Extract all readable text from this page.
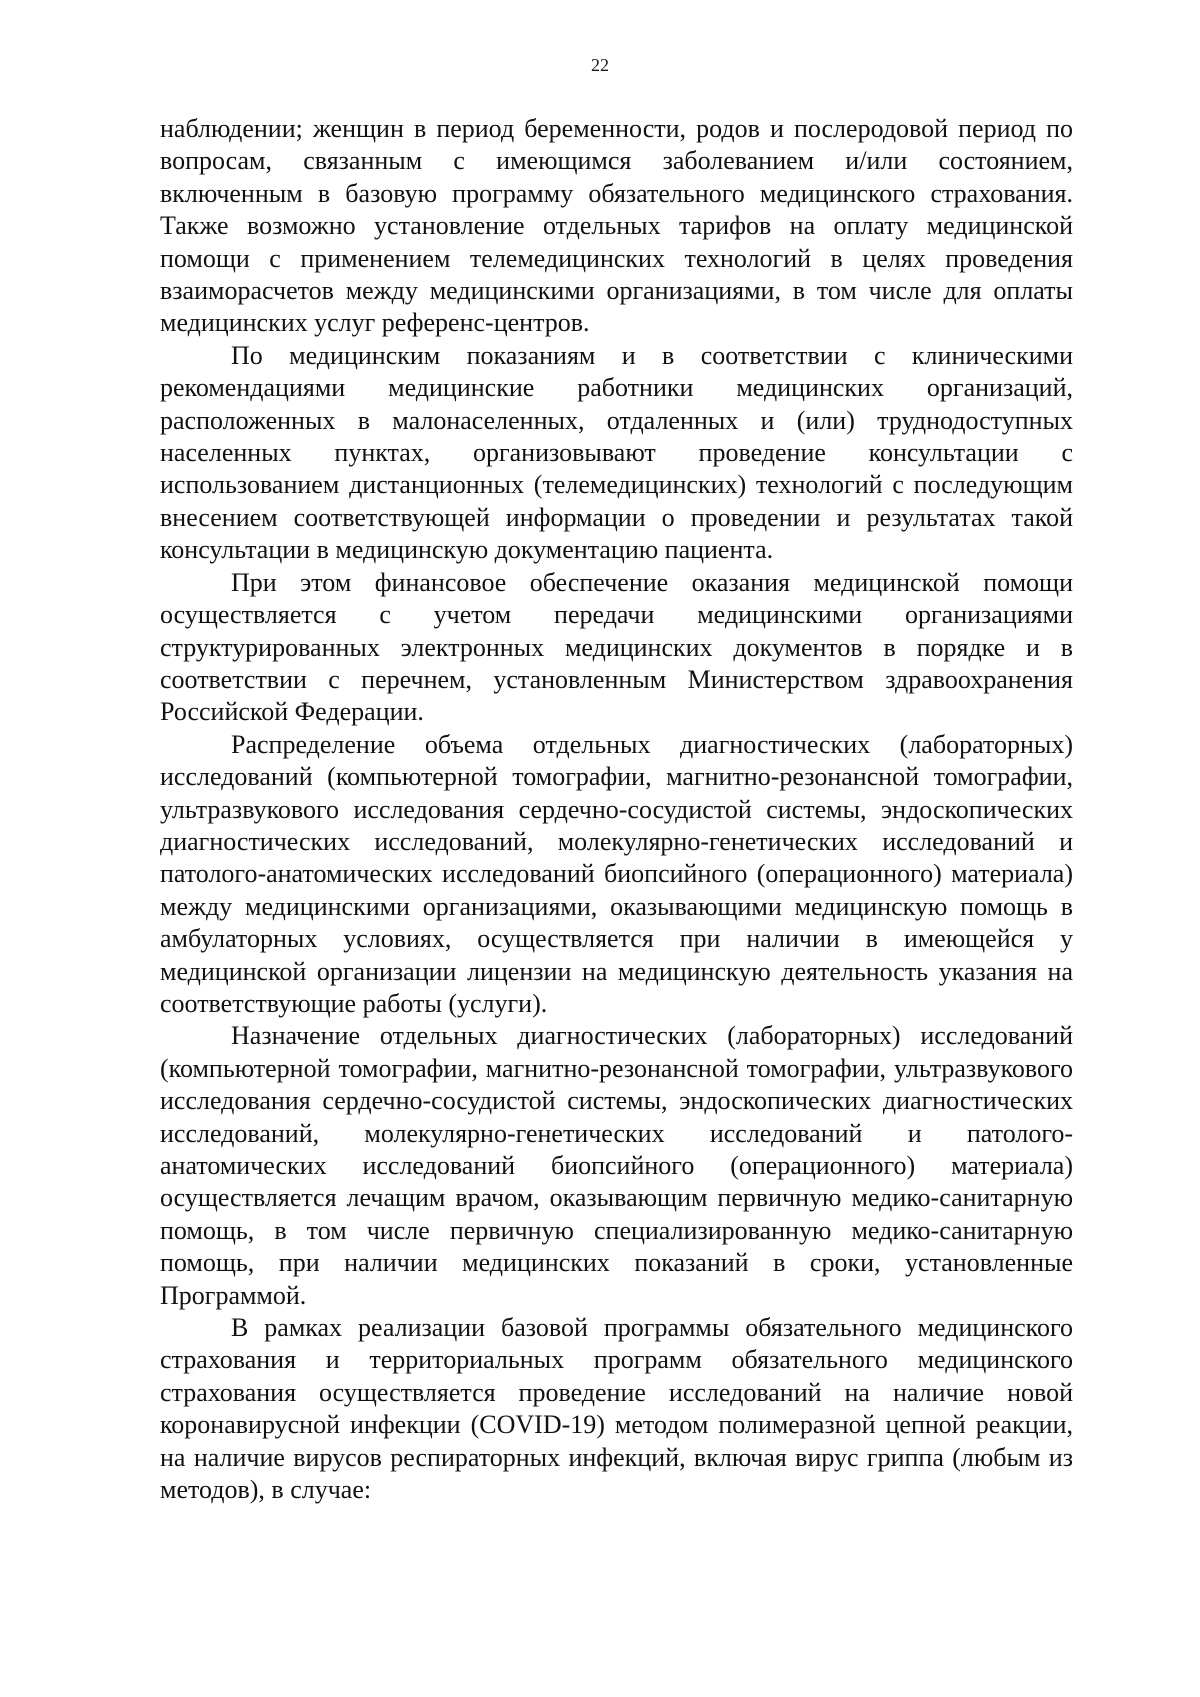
22

наблюдении; женщин в период беременности, родов и послеродовой период по вопросам, связанным с имеющимся заболеванием и/или состоянием, включенным в базовую программу обязательного медицинского страхования. Также возможно установление отдельных тарифов на оплату медицинской помощи с применением телемедицинских технологий в целях проведения взаиморасчетов между медицинскими организациями, в том числе для оплаты медицинских услуг референс-центров.

По медицинским показаниям и в соответствии с клиническими рекомендациями медицинские работники медицинских организаций, расположенных в малонаселенных, отдаленных и (или) труднодоступных населенных пунктах, организовывают проведение консультации с использованием дистанционных (телемедицинских) технологий с последующим внесением соответствующей информации о проведении и результатах такой консультации в медицинскую документацию пациента.

При этом финансовое обеспечение оказания медицинской помощи осуществляется с учетом передачи медицинскими организациями структурированных электронных медицинских документов в порядке и в соответствии с перечнем, установленным Министерством здравоохранения Российской Федерации.

Распределение объема отдельных диагностических (лабораторных) исследований (компьютерной томографии, магнитно-резонансной томографии, ультразвукового исследования сердечно-сосудистой системы, эндоскопических диагностических исследований, молекулярно-генетических исследований и патолого-анатомических исследований биопсийного (операционного) материала) между медицинскими организациями, оказывающими медицинскую помощь в амбулаторных условиях, осуществляется при наличии в имеющейся у медицинской организации лицензии на медицинскую деятельность указания на соответствующие работы (услуги).

Назначение отдельных диагностических (лабораторных) исследований (компьютерной томографии, магнитно-резонансной томографии, ультразвукового исследования сердечно-сосудистой системы, эндоскопических диагностических исследований, молекулярно-генетических исследований и патолого-анатомических исследований биопсийного (операционного) материала) осуществляется лечащим врачом, оказывающим первичную медико-санитарную помощь, в том числе первичную специализированную медико-санитарную помощь, при наличии медицинских показаний в сроки, установленные Программой.

В рамках реализации базовой программы обязательного медицинского страхования и территориальных программ обязательного медицинского страхования осуществляется проведение исследований на наличие новой коронавирусной инфекции (COVID-19) методом полимеразной цепной реакции, на наличие вирусов респираторных инфекций, включая вирус гриппа (любым из методов), в случае:
